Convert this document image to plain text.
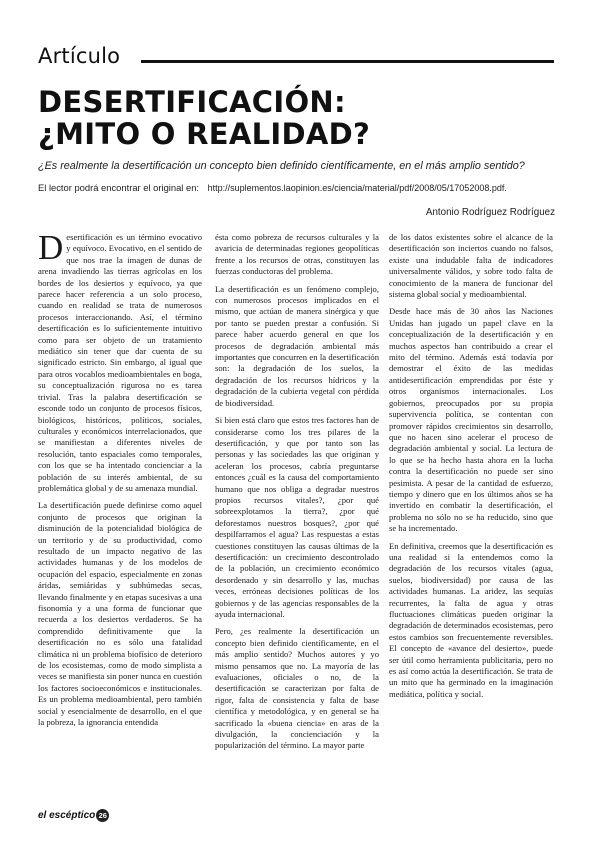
Artículo
DESERTIFICACIÓN:
¿MITO O REALIDAD?
¿Es realmente la desertificación un concepto bien definido científicamente, en el más amplio sentido?
El lector podrá encontrar el original en: http://suplementos.laopinion.es/ciencia/material/pdf/2008/05/17052008.pdf.
Antonio Rodríguez Rodríguez

Desertificación es un término evocativo y equívoco. Evocativo, en el sentido de que nos trae la imagen de dunas de arena invadiendo las tierras agrícolas en los bordes de los desiertos y equívoco, ya que parece hacer referencia a un solo proceso, cuando en realidad se trata de numerosos procesos interaccionando. Así, el término desertificación es lo suficientemente intuitivo como para ser objeto de un tratamiento mediático sin tener que dar cuenta de su significado estricto. Sin embargo, al igual que para otros vocablos medioambientales en boga, su conceptualización rigurosa no es tarea trivial. Tras la palabra desertificación se esconde todo un conjunto de procesos físicos, biológicos, históricos, políticos, sociales, culturales y económicos interrelacionados, que se manifiestan a diferentes niveles de resolución, tanto espaciales como temporales, con los que se ha intentado concienciar a la población de su interés ambiental, de su problemática global y de su amenaza mundial.

La desertificación puede definirse como aquel conjunto de procesos que originan la disminución de la potencialidad biológica de un territorio y de su productividad, como resultado de un impacto negativo de las actividades humanas y de los modelos de ocupación del espacio, especialmente en zonas áridas, semiáridas y subhúmedas secas, llevando finalmente y en etapas sucesivas a una fisonomía y a una forma de funcionar que recuerda a los desiertos verdaderos. Se ha comprendido definitivamente que la desertificación no es sólo una fatalidad climática ni un problema biofísico de deterioro de los ecosistemas, como de modo simplista a veces se manifiesta sin poner nunca en cuestión los factores socioeconómicos e institucionales. Es un problema medioambiental, pero también social y esencialmente de desarrollo, en el que la pobreza, la ignorancia entendida

ésta como pobreza de recursos culturales y la avaricia de determinadas regiones geopolíticas frente a los recursos de otras, constituyen las fuerzas conductoras del problema.

La desertificación es un fenómeno complejo, con numerosos procesos implicados en el mismo, que actúan de manera sinérgica y que por tanto se pueden prestar a confusión. Si parece haber acuerdo general en que los procesos de degradación ambiental más importantes que concurren en la desertificación son: la degradación de los suelos, la degradación de los recursos hídricos y la degradación de la cubierta vegetal con pérdida de biodiversidad.

Si bien está claro que estos tres factores han de considerarse como los tres pilares de la desertificación, y que por tanto son las personas y las sociedades las que originan y aceleran los procesos, cabría preguntarse entonces ¿cuál es la causa del comportamiento humano que nos obliga a degradar nuestros propios recursos vitales?, ¿por qué sobreexplotamos la tierra?, ¿por qué deforestamos nuestros bosques?, ¿por qué despilfarramos el agua? Las respuestas a estas cuestiones constituyen las causas últimas de la desertificación: un crecimiento descontrolado de la población, un crecimiento económico desordenado y sin desarrollo y las, muchas veces, erróneas decisiones políticas de los gobiernos y de las agencias responsables de la ayuda internacional.

Pero, ¿es realmente la desertificación un concepto bien definido científicamente, en el más amplio sentido? Muchos autores y yo mismo pensamos que no. La mayoría de las evaluaciones, oficiales o no, de la desertificación se caracterizan por falta de rigor, falta de consistencia y falta de base científica y metodológica, y en general se ha sacrificado la «buena ciencia» en aras de la divulgación, la concienciación y la popularización del término. La mayor parte

de los datos existentes sobre el alcance de la desertificación son inciertos cuando no falsos, existe una indudable falta de indicadores universalmente válidos, y sobre todo falta de conocimiento de la manera de funcionar del sistema global social y medioambiental.

Desde hace más de 30 años las Naciones Unidas han jugado un papel clave en la conceptualización de la desertificación y en muchos aspectos han contribuido a crear el mito del término. Además está todavía por demostrar el éxito de las medidas antidesertificación emprendidas por éste y otros organismos internacionales. Los gobiernos, preocupados por su propia supervivencia política, se contentan con promover rápidos crecimientos sin desarrollo, que no hacen sino acelerar el proceso de degradación ambiental y social. La lectura de lo que se ha hecho hasta ahora en la lucha contra la desertificación no puede ser sino pesimista. A pesar de la cantidad de esfuerzo, tiempo y dinero que en los últimos años se ha invertido en combatir la desertificación, el problema no sólo no se ha reducido, sino que se ha incrementado.

En definitiva, creemos que la desertificación es una realidad si la entendemos como la degradación de los recursos vitales (agua, suelos, biodiversidad) por causa de las actividades humanas. La aridez, las sequías recurrentes, la falta de agua y otras fluctuaciones climáticas pueden originar la degradación de determinados ecosistemas, pero estos cambios son frecuentemente reversibles. El concepto de «avance del desierto», puede ser útil como herramienta publicitaria, pero no es así como actúa la desertificación. Se trata de un mito que ha germinado en la imaginación mediática, política y social.

el escéptico 26
